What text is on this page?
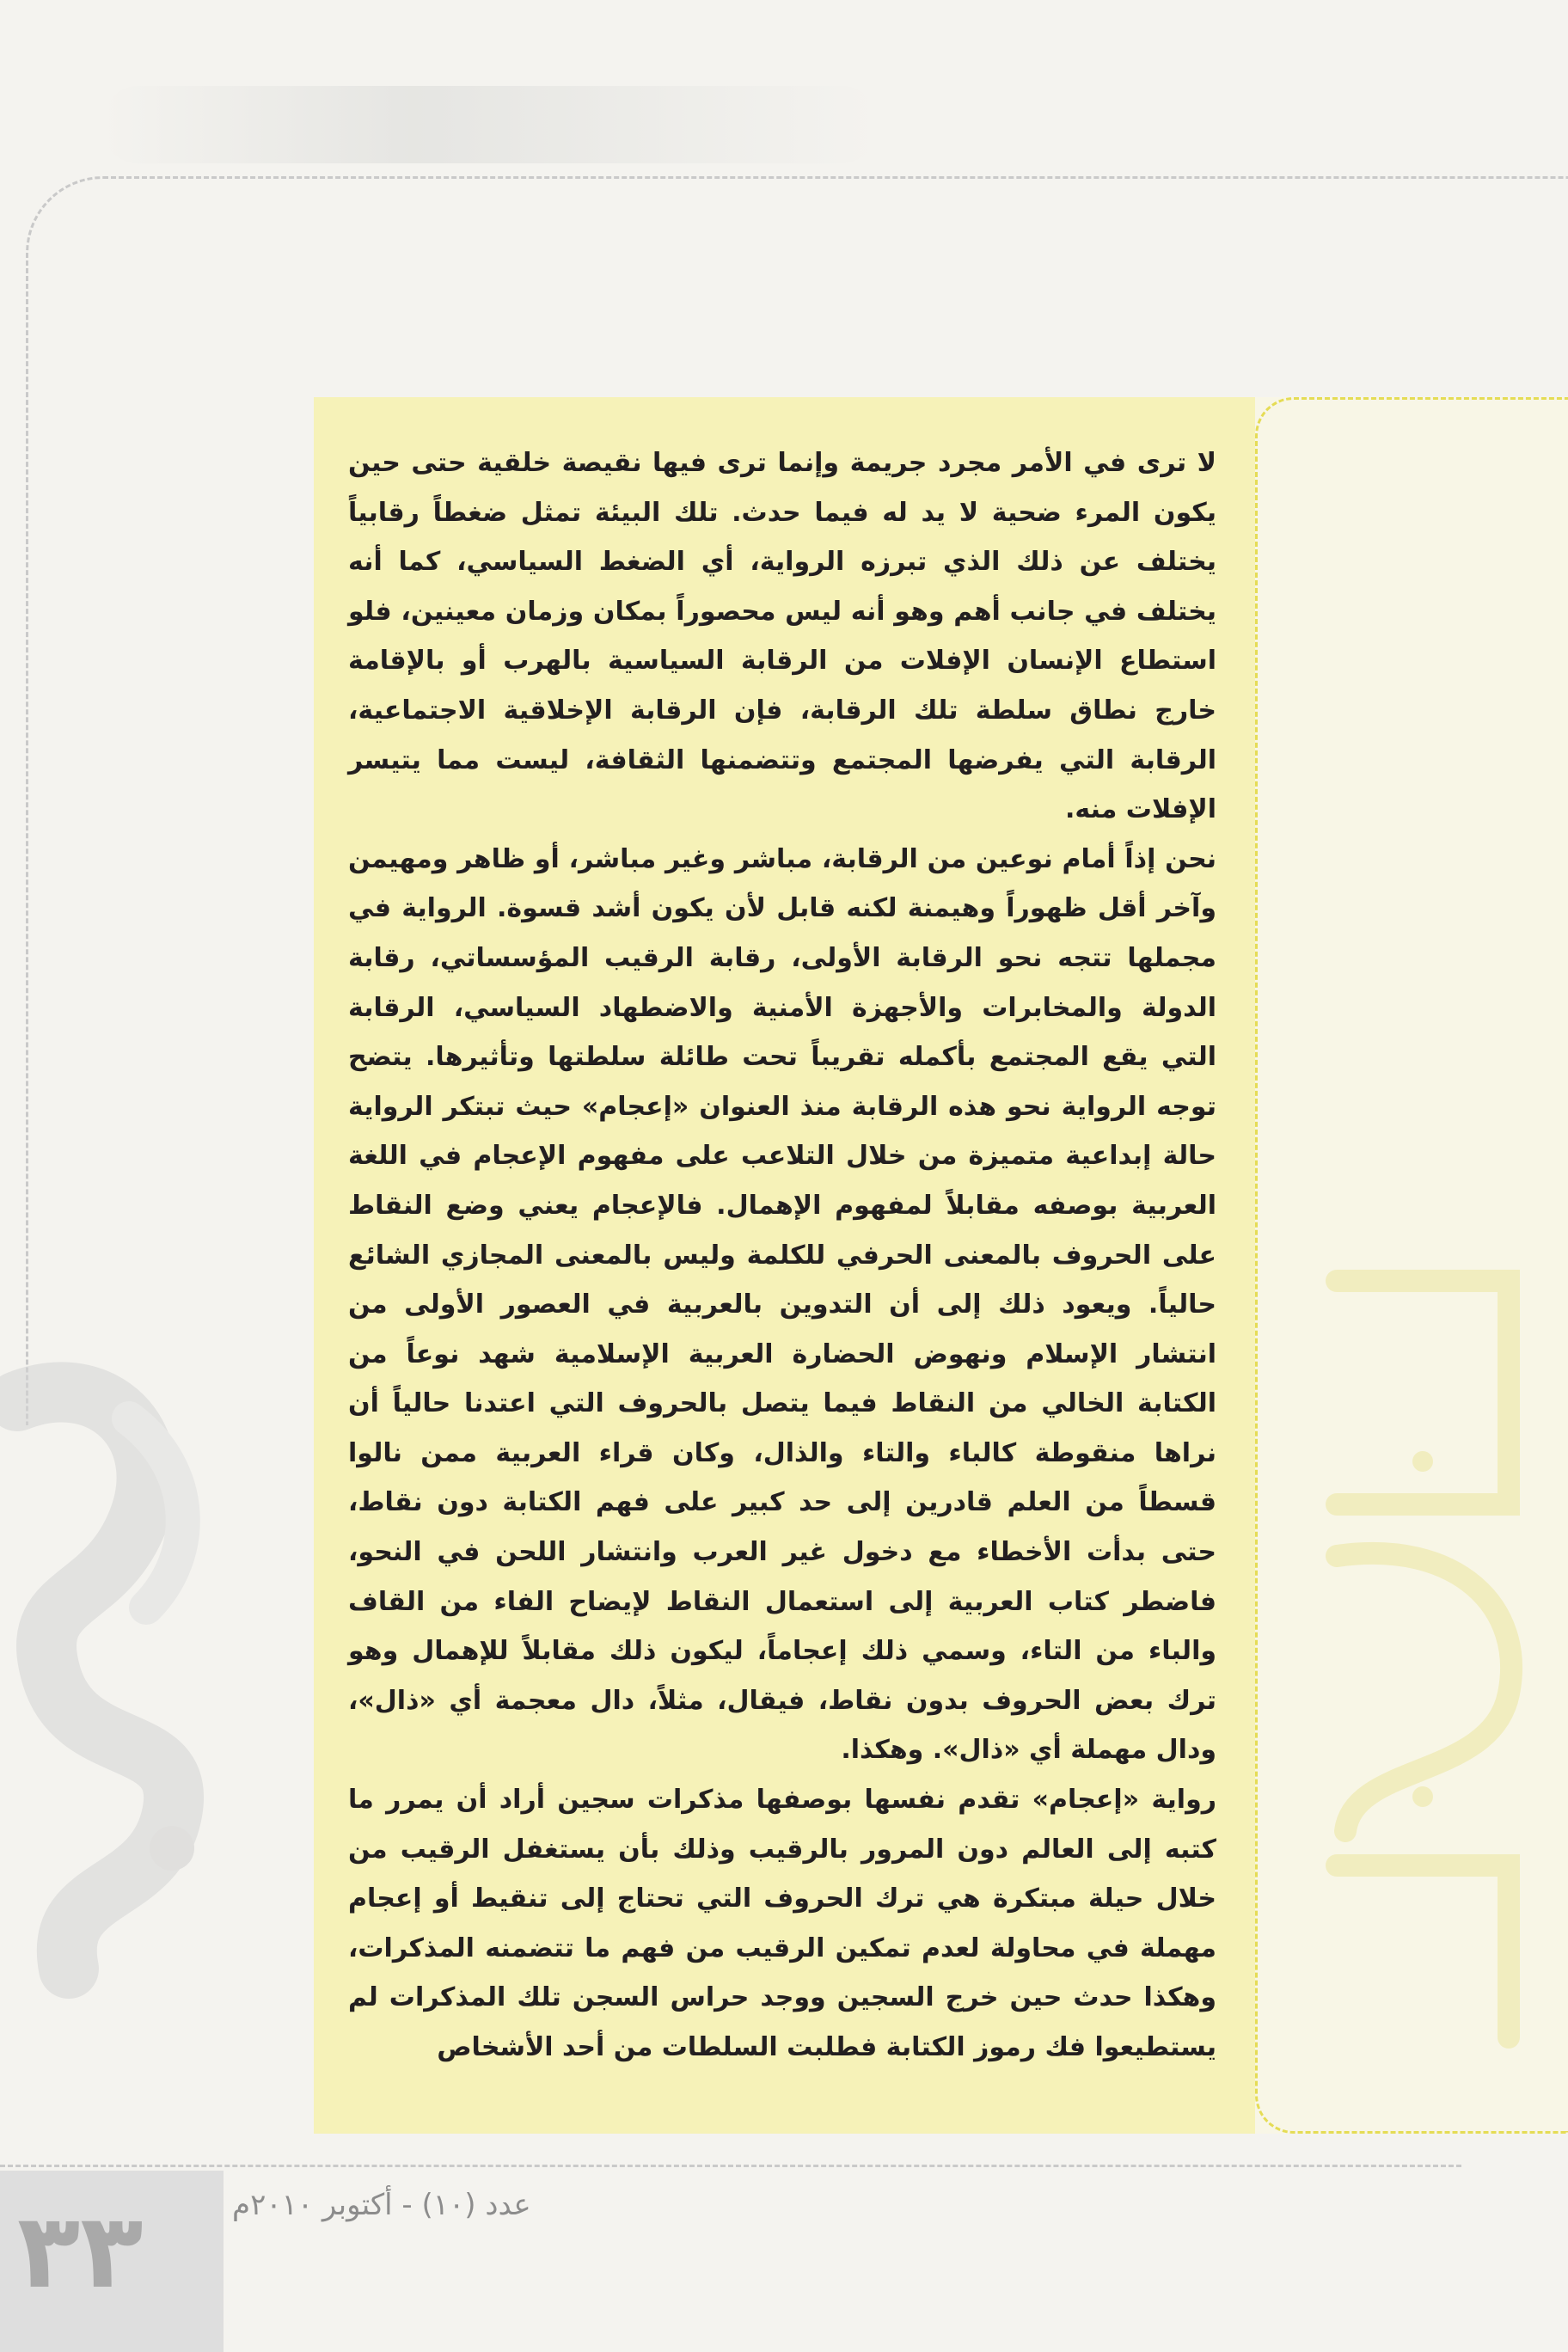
لا ترى في الأمر مجرد جريمة وإنما ترى فيها نقيصة خلقية حتى حين يكون المرء ضحية لا يد له فيما حدث. تلك البيئة تمثل ضغطاً رقابياً يختلف عن ذلك الذي تبرزه الرواية، أي الضغط السياسي، كما أنه يختلف في جانب أهم وهو أنه ليس محصوراً بمكان وزمان معينين، فلو استطاع الإنسان الإفلات من الرقابة السياسية بالهرب أو بالإقامة خارج نطاق سلطة تلك الرقابة، فإن الرقابة الإخلاقية الاجتماعية، الرقابة التي يفرضها المجتمع وتتضمنها الثقافة، ليست مما يتيسر الإفلات منه.

نحن إذاً أمام نوعين من الرقابة، مباشر وغير مباشر، أو ظاهر ومهيمن وآخر أقل ظهوراً وهيمنة لكنه قابل لأن يكون أشد قسوة. الرواية في مجملها تتجه نحو الرقابة الأولى، رقابة الرقيب المؤسساتي، رقابة الدولة والمخابرات والأجهزة الأمنية والاضطهاد السياسي، الرقابة التي يقع المجتمع بأكمله تقريباً تحت طائلة سلطتها وتأثيرها. يتضح توجه الرواية نحو هذه الرقابة منذ العنوان «إعجام» حيث تبتكر الرواية حالة إبداعية متميزة من خلال التلاعب على مفهوم الإعجام في اللغة العربية بوصفه مقابلاً لمفهوم الإهمال. فالإعجام يعني وضع النقاط على الحروف بالمعنى الحرفي للكلمة وليس بالمعنى المجازي الشائع حالياً. ويعود ذلك إلى أن التدوين بالعربية في العصور الأولى من انتشار الإسلام ونهوض الحضارة العربية الإسلامية شهد نوعاً من الكتابة الخالي من النقاط فيما يتصل بالحروف التي اعتدنا حالياً أن نراها منقوطة كالباء والتاء والذال، وكان قراء العربية ممن نالوا قسطاً من العلم قادرين إلى حد كبير على فهم الكتابة دون نقاط، حتى بدأت الأخطاء مع دخول غير العرب وانتشار اللحن في النحو، فاضطر كتاب العربية إلى استعمال النقاط لإيضاح الفاء من القاف والباء من التاء، وسمي ذلك إعجاماً، ليكون ذلك مقابلاً للإهمال وهو ترك بعض الحروف بدون نقاط، فيقال، مثلاً، دال معجمة أي «ذال»، ودال مهملة أي «ذال». وهكذا.

رواية «إعجام» تقدم نفسها بوصفها مذكرات سجين أراد أن يمرر ما كتبه إلى العالم دون المرور بالرقيب وذلك بأن يستغفل الرقيب من خلال حيلة مبتكرة هي ترك الحروف التي تحتاج إلى تنقيط أو إعجام مهملة في محاولة لعدم تمكين الرقيب من فهم ما تتضمنه المذكرات، وهكذا حدث حين خرج السجين ووجد حراس السجن تلك المذكرات لم يستطيعوا فك رموز الكتابة فطلبت السلطات من أحد الأشخاص

٣٣	عدد (١٠) - أكتوبر ٢٠١٠م
